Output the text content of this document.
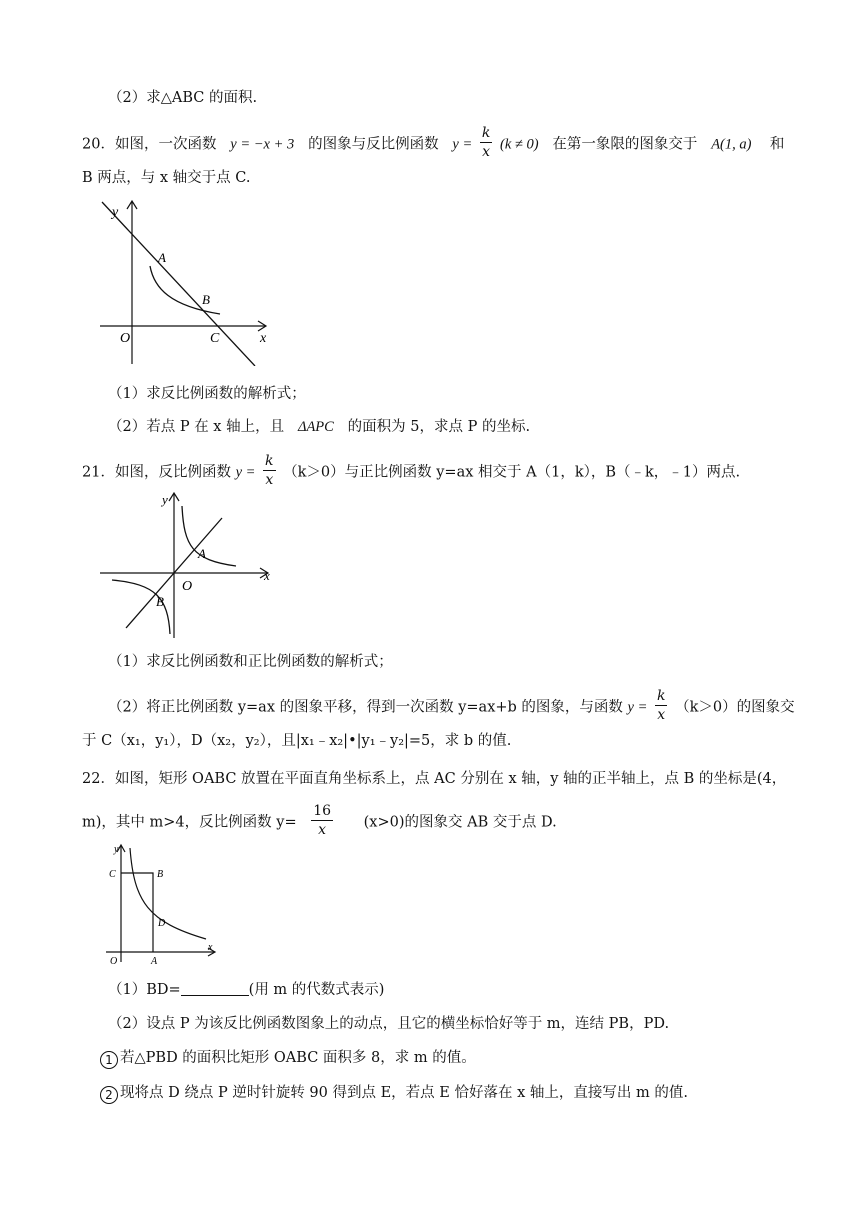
（2）求△ABC 的面积.
20．如图，一次函数 y = −x + 3 的图象与反比例函数 $y = \frac{k}{x} (k \ne 0)$ 在第一象限的图象交于 A(1, a) 和
B 两点，与 x 轴交于点 C.
y
x
O
A
B
C
（1）求反比例函数的解析式；
（2）若点 P 在 x 轴上，且 ΔAPC 的面积为 5，求点 P 的坐标.
21．如图，反比例函数 $y = \frac{k}{x} (k>0)$与正比例函数 y=ax 相交于 A（1，k），B（﹣k，﹣1）两点.
y
x
O
A
B
（1）求反比例函数和正比例函数的解析式；
（2）将正比例函数 y=ax 的图象平移，得到一次函数 y=ax+b 的图象，与函数 $y = \frac{k}{x} (k>0)$的图象交
于 C（x₁，y₁），D（x₂，y₂），且|x₁﹣x₂|•|y₁﹣y₂|=5，求 b 的值.
22．如图，矩形 OABC 放置在平面直角坐标系上，点 AC 分别在 x 轴，y 轴的正半轴上，点 B 的坐标是(4，
m)，其中 m>4，反比例函数 $y= \frac{16}{x} (x>0)$的图象交 AB 交于点 D.
y
x
O	A
B
C
D
（1）BD=	(用 m 的代数式表示)
（2）设点 P 为该反比例函数图象上的动点，且它的横坐标恰好等于 m，连结 PB，PD.
1 若△PBD 的面积比矩形 OABC 面积多 8，求 m 的值。
2 现将点 D 绕点 P 逆时针旋转 90 得到点 E，若点 E 恰好落在 x 轴上，直接写出 m 的值.
